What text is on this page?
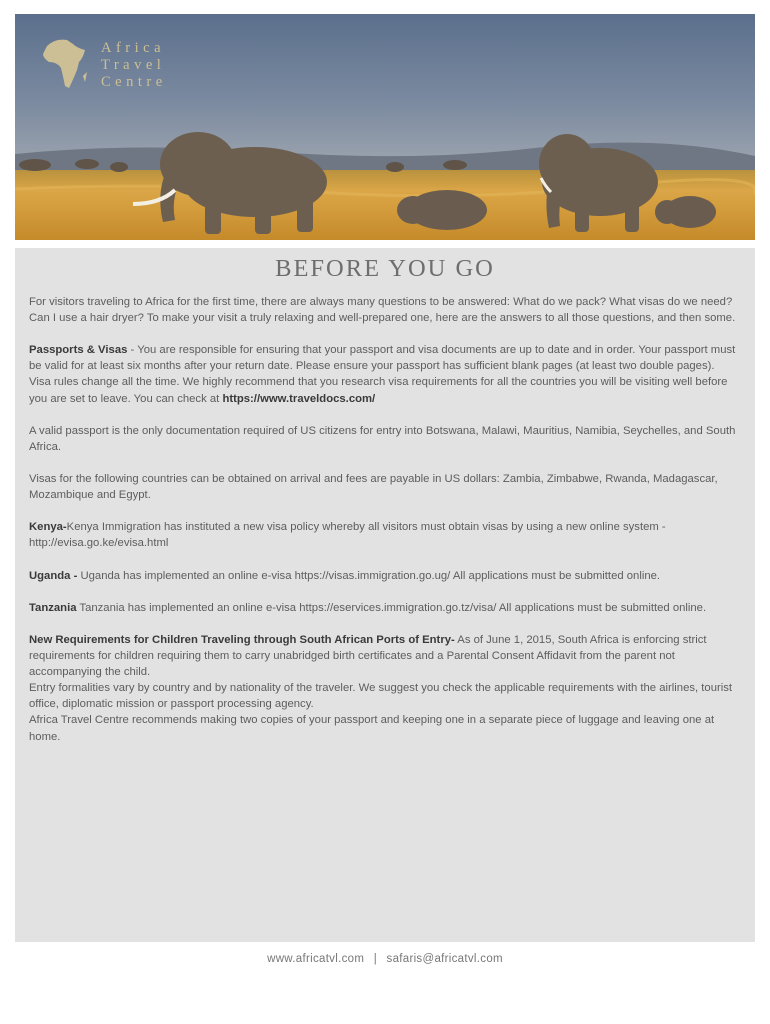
Africa
Travel
Centre
BEFORE YOU GO

For visitors traveling to Africa for the first time, there are always many questions to be answered: What do we pack? What visas do we need? Can I use a hair dryer? To make your visit a truly relaxing and well-prepared one, here are the answers to all those questions, and then some.

Passports & Visas - You are responsible for ensuring that your passport and visa documents are up to date and in order. Your passport must be valid for at least six months after your return date. Please ensure your passport has sufficient blank pages (at least two double pages).
Visa rules change all the time. We highly recommend that you research visa requirements for all the countries you will be visiting well before you are set to leave. You can check at https://www.traveldocs.com/

A valid passport is the only documentation required of US citizens for entry into Botswana, Malawi, Mauritius, Namibia, Seychelles, and South Africa.

Visas for the following countries can be obtained on arrival and fees are payable in US dollars: Zambia, Zimbabwe, Rwanda, Madagascar, Mozambique and Egypt.

Kenya-Kenya Immigration has instituted a new visa policy whereby all visitors must obtain visas by using a new online system - http://evisa.go.ke/evisa.html

Uganda - Uganda has implemented an online e-visa https://visas.immigration.go.ug/ All applications must be submitted online.

Tanzania Tanzania has implemented an online e-visa https://eservices.immigration.go.tz/visa/ All applications must be submitted online.

New Requirements for Children Traveling through South African Ports of Entry- As of June 1, 2015, South Africa is enforcing strict requirements for children requiring them to carry unabridged birth certificates and a Parental Consent Affidavit from the parent not accompanying the child.
Entry formalities vary by country and by nationality of the traveler. We suggest you check the applicable requirements with the airlines, tourist office, diplomatic mission or passport processing agency.
Africa Travel Centre recommends making two copies of your passport and keeping one in a separate piece of luggage and leaving one at home.

www.africatvl.com | safaris@africatvl.com
